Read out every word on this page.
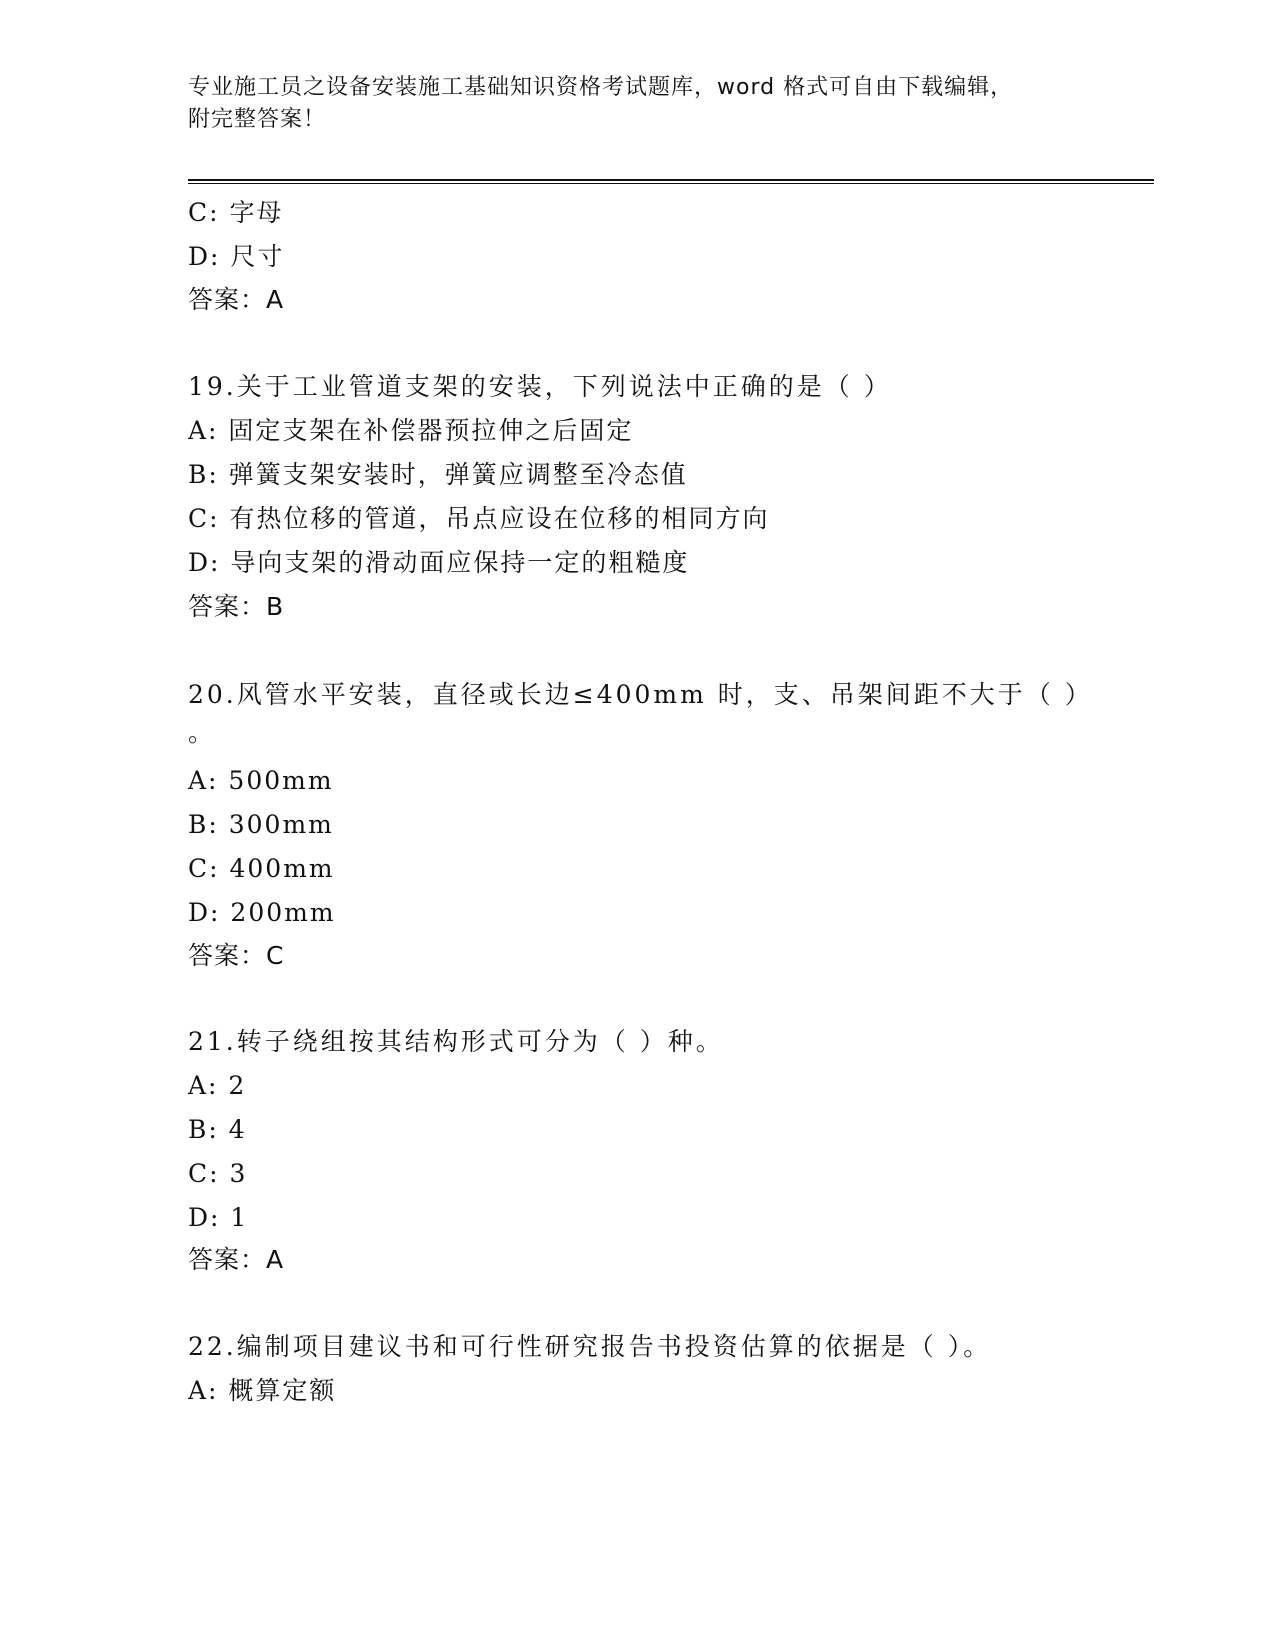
专业施工员之设备安装施工基础知识资格考试题库，word 格式可自由下载编辑，
附完整答案！
C: 字母
D: 尺寸
答案：A
19.关于工业管道支架的安装，下列说法中正确的是（ ）
A: 固定支架在补偿器预拉伸之后固定
B: 弹簧支架安装时，弹簧应调整至冷态值
C: 有热位移的管道，吊点应设在位移的相同方向
D: 导向支架的滑动面应保持一定的粗糙度
答案：B
20.风管水平安装，直径或长边≤400mm 时，支、吊架间距不大于（ ）
。
A: 500mm
B: 300mm
C: 400mm
D: 200mm
答案：C
21.转子绕组按其结构形式可分为（ ）种。
A: 2
B: 4
C: 3
D: 1
答案：A
22.编制项目建议书和可行性研究报告书投资估算的依据是（ ）。
A: 概算定额
